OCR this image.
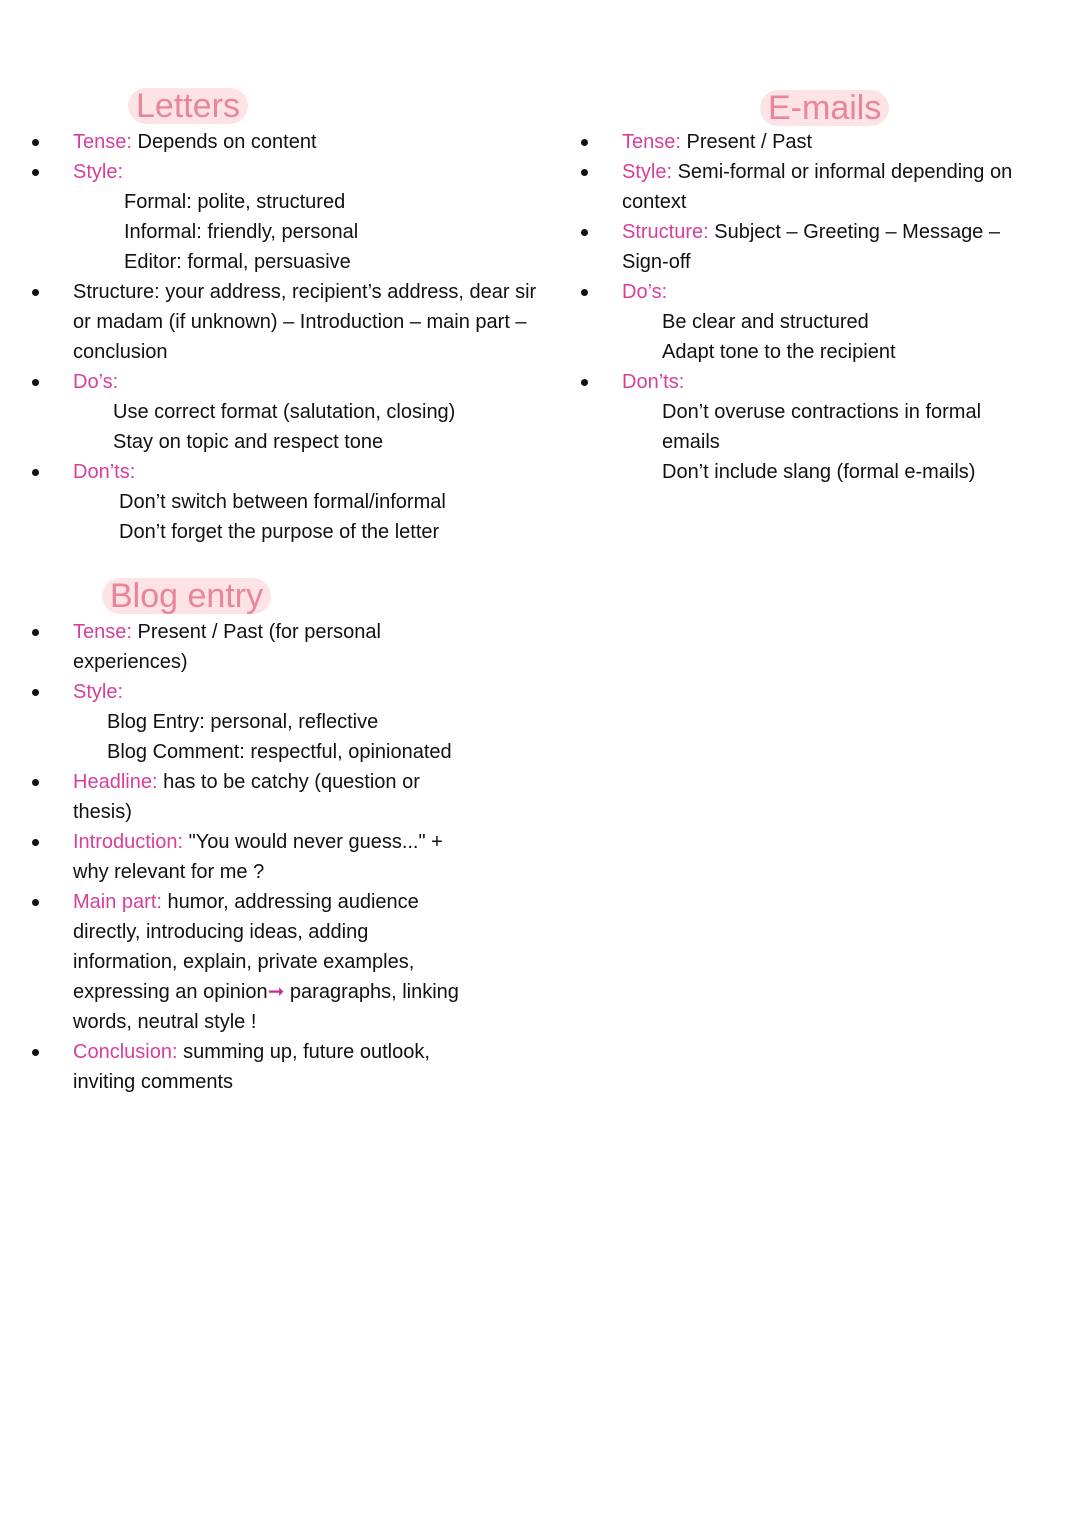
Letters
Tense: Depends on content
Style:
Formal: polite, structured
Informal: friendly, personal
Editor: formal, persuasive
Structure: your address, recipient’s address, dear sir or madam (if unknown) – Introduction – main part – conclusion
Do’s:
Use correct format (salutation, closing)
Stay on topic and respect tone
Don’ts:
Don’t switch between formal/informal
Don’t forget the purpose of the letter
E-mails
Tense: Present / Past
Style: Semi-formal or informal depending on context
Structure: Subject – Greeting – Message – Sign-off
Do’s:
Be clear and structured
Adapt tone to the recipient
Don’ts:
Don’t overuse contractions in formal emails
Don’t include slang (formal e-mails)
Blog entry
Tense: Present / Past (for personal experiences)
Style:
Blog Entry: personal, reflective
Blog Comment: respectful, opinionated
Headline: has to be catchy (question or thesis)
Introduction: "You would never guess..." + why relevant for me ?
Main part: humor, addressing audience directly, introducing ideas, adding information, explain, private examples, expressing an opinion➞ paragraphs, linking words, neutral style !
Conclusion: summing up, future outlook, inviting comments
